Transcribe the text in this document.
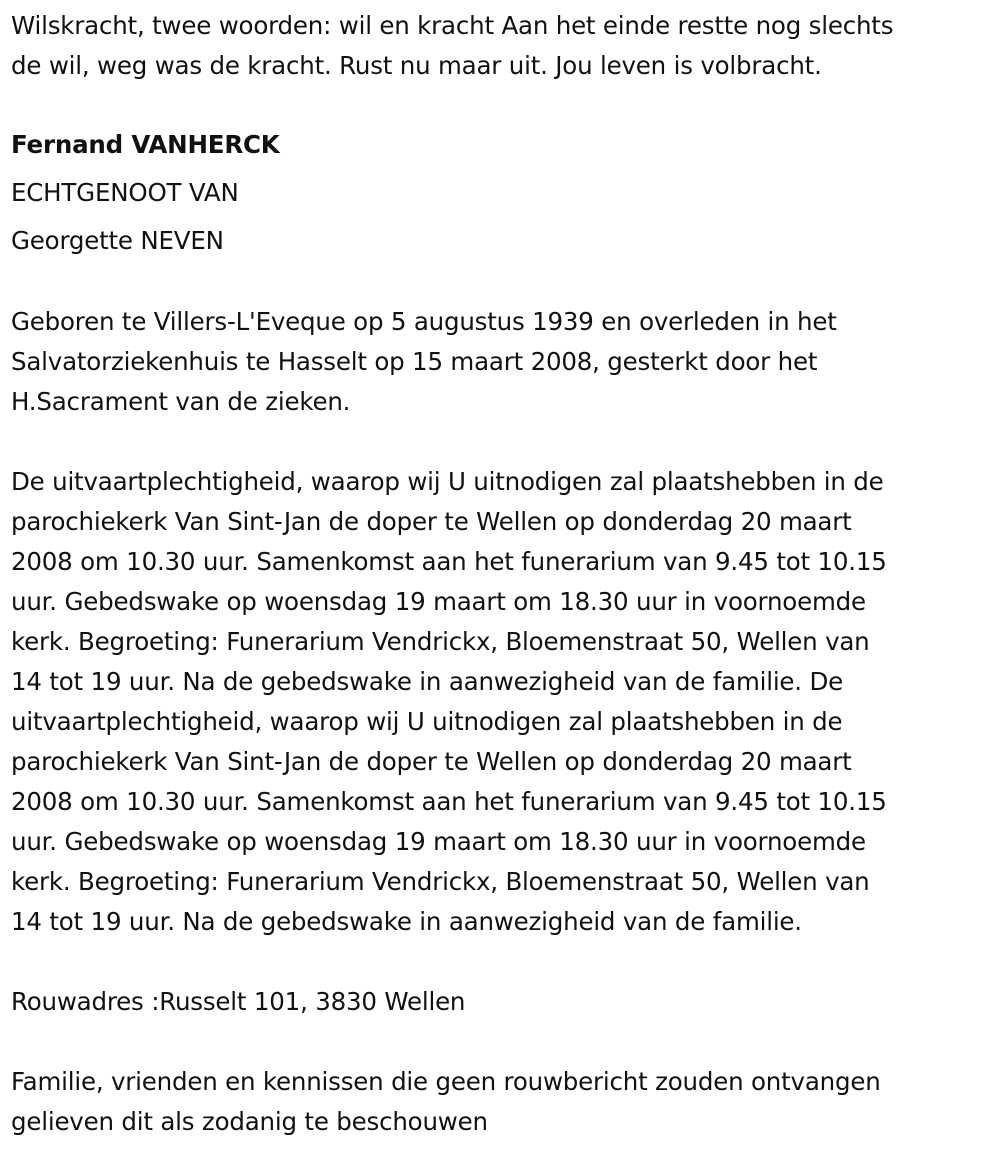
Wilskracht, twee woorden: wil en kracht Aan het einde restte nog slechts
de wil, weg was de kracht. Rust nu maar uit. Jou leven is volbracht.
Fernand VANHERCK
ECHTGENOOT VAN
Georgette NEVEN
Geboren te Villers-L'Eveque op 5 augustus 1939 en overleden in het
Salvatorziekenhuis te Hasselt op 15 maart 2008, gesterkt door het
H.Sacrament van de zieken.
De uitvaartplechtigheid, waarop wij U uitnodigen zal plaatshebben in de
parochiekerk Van Sint-Jan de doper te Wellen op donderdag 20 maart
2008 om 10.30 uur. Samenkomst aan het funerarium van 9.45 tot 10.15
uur. Gebedswake op woensdag 19 maart om 18.30 uur in voornoemde
kerk. Begroeting: Funerarium Vendrickx, Bloemenstraat 50, Wellen van
14 tot 19 uur. Na de gebedswake in aanwezigheid van de familie. De
uitvaartplechtigheid, waarop wij U uitnodigen zal plaatshebben in de
parochiekerk Van Sint-Jan de doper te Wellen op donderdag 20 maart
2008 om 10.30 uur. Samenkomst aan het funerarium van 9.45 tot 10.15
uur. Gebedswake op woensdag 19 maart om 18.30 uur in voornoemde
kerk. Begroeting: Funerarium Vendrickx, Bloemenstraat 50, Wellen van
14 tot 19 uur. Na de gebedswake in aanwezigheid van de familie.
Rouwadres :Russelt 101, 3830 Wellen
Familie, vrienden en kennissen die geen rouwbericht zouden ontvangen
gelieven dit als zodanig te beschouwen
